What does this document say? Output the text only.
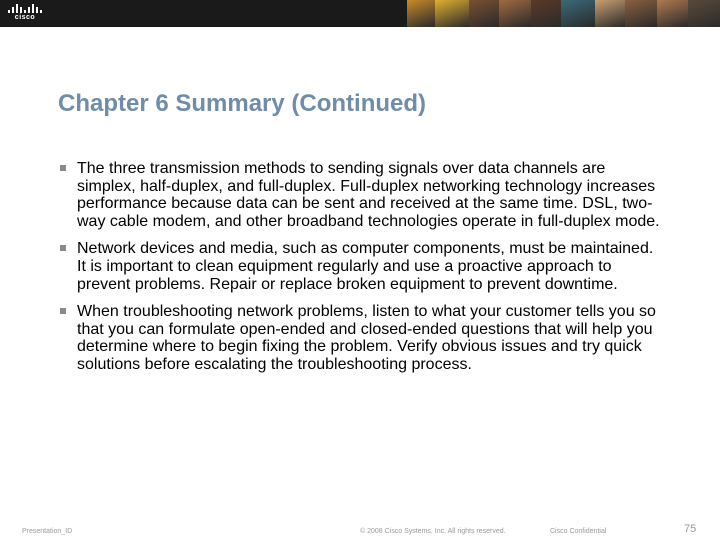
cisco
Chapter 6 Summary (Continued)
The three transmission methods to sending signals over data channels are simplex, half-duplex, and full-duplex. Full-duplex networking technology increases performance because data can be sent and received at the same time. DSL, two-way cable modem, and other broadband technologies operate in full-duplex mode.
Network devices and media, such as computer components, must be maintained. It is important to clean equipment regularly and use a proactive approach to prevent problems. Repair or replace broken equipment to prevent downtime.
When troubleshooting network problems, listen to what your customer tells you so that you can formulate open-ended and closed-ended questions that will help you determine where to begin fixing the problem. Verify obvious issues and try quick solutions before escalating the troubleshooting process.
Presentation_ID	© 2008 Cisco Systems, Inc. All rights reserved.	Cisco Confidential	75
